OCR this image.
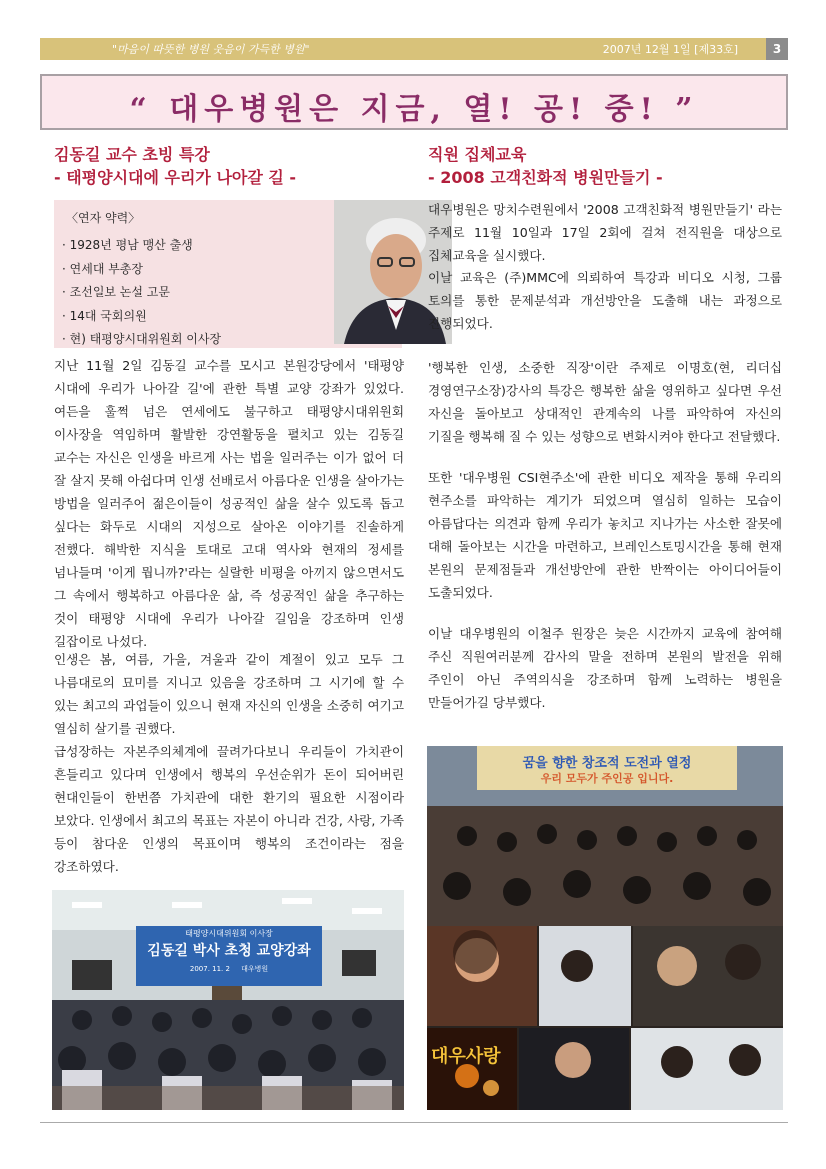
"마음이 따뜻한 병원 웃음이 가득한 병원"	2007년 12월 1일 [제33호]	3
“ 대우병원은 지금, 열! 공! 중! ”
김동길 교수 초빙 특강
- 태평양시대에 우리가 나아갈 길 -
〈연자 약력〉
· 1928년 평남 맹산 출생
· 연세대 부총장
· 조선일보 논설 고문
· 14대 국회의원
· 현) 태평양시대위원회 이사장

지난 11월 2일 김동길 교수를 모시고 본원강당에서 '태평양 시대에 우리가 나아갈 길'에 관한 특별 교양 강좌가 있었다. 여든을 훌쩍 넘은 연세에도 불구하고 태평양시대위원회 이사장을 역임하며 활발한 강연활동을 펼치고 있는 김동길 교수는 자신은 인생을 바르게 사는 법을 일러주는 이가 없어 더 잘 살지 못해 아쉽다며 인생 선배로서 아름다운 인생을 살아가는 방법을 일러주어 젊은이들이 성공적인 삶을 살수 있도록 돕고 싶다는 화두로 시대의 지성으로 살아온 이야기를 진솔하게 전했다. 해박한 지식을 토대로 고대 역사와 현재의 정세를 넘나들며 '이게 뭡니까?'라는 실랄한 비평을 아끼지 않으면서도 그 속에서 행복하고 아름다운 삶, 즉 성공적인 삶을 추구하는 것이 태평양 시대에 우리가 나아갈 길임을 강조하며 인생 길잡이로 나섰다.

인생은 봄, 여름, 가을, 겨울과 같이 계절이 있고 모두 그 나름대로의 묘미를 지니고 있음을 강조하며 그 시기에 할 수 있는 최고의 과업들이 있으니 현재 자신의 인생을 소중히 여기고 열심히 살기를 권했다.

급성장하는 자본주의체계에 끌려가다보니 우리들이 가치관이 흔들리고 있다며 인생에서 행복의 우선순위가 돈이 되어버린 현대인들이 한번쯤 가치관에 대한 환기의 필요한 시점이라 보았다. 인생에서 최고의 목표는 자본이 아니라 건강, 사랑, 가족 등이 참다운 인생의 목표이며 행복의 조건이라는 점을 강조하였다.

태평양시대위원회 이사장
김동길 박사 초청 교양강좌
2007. 11. 2     대우병원
직원 집체교육
- 2008 고객친화적 병원만들기 -

대우병원은 망치수련원에서 '2008 고객친화적 병원만들기' 라는 주제로 11월 10일과 17일 2회에 걸쳐 전직원을 대상으로 집체교육을 실시했다.

이날 교육은 (주)MMC에 의뢰하여 특강과 비디오 시청, 그룹 토의를 통한 문제분석과 개선방안을 도출해 내는 과정으로 진행되었다.

'행복한 인생, 소중한 직장'이란 주제로 이명호(현, 리더십 경영연구소장)강사의 특강은 행복한 삶을 영위하고 싶다면 우선 자신을 돌아보고 상대적인 관계속의 나를 파악하여 자신의 기질을 행복해 질 수 있는 성향으로 변화시켜야 한다고 전달했다.

또한 '대우병원 CSI현주소'에 관한 비디오 제작을 통해 우리의 현주소를 파악하는 계기가 되었으며 열심히 일하는 모습이 아름답다는 의견과 함께 우리가 놓치고 지나가는 사소한 잘못에 대해 돌아보는 시간을 마련하고, 브레인스토밍시간을 통해 현재 본원의 문제점들과 개선방안에 관한 반짝이는 아이디어들이 도출되었다.

이날 대우병원의 이철주 원장은 늦은 시간까지 교육에 참여해 주신 직원여러분께 감사의 말을 전하며 본원의 발전을 위해 주인이 아닌 주역의식을 강조하며 함께 노력하는 병원을 만들어가길 당부했다.

꿈을 향한 창조적 도전과 열정
우리 모두가 주인공 입니다.
대우사랑
